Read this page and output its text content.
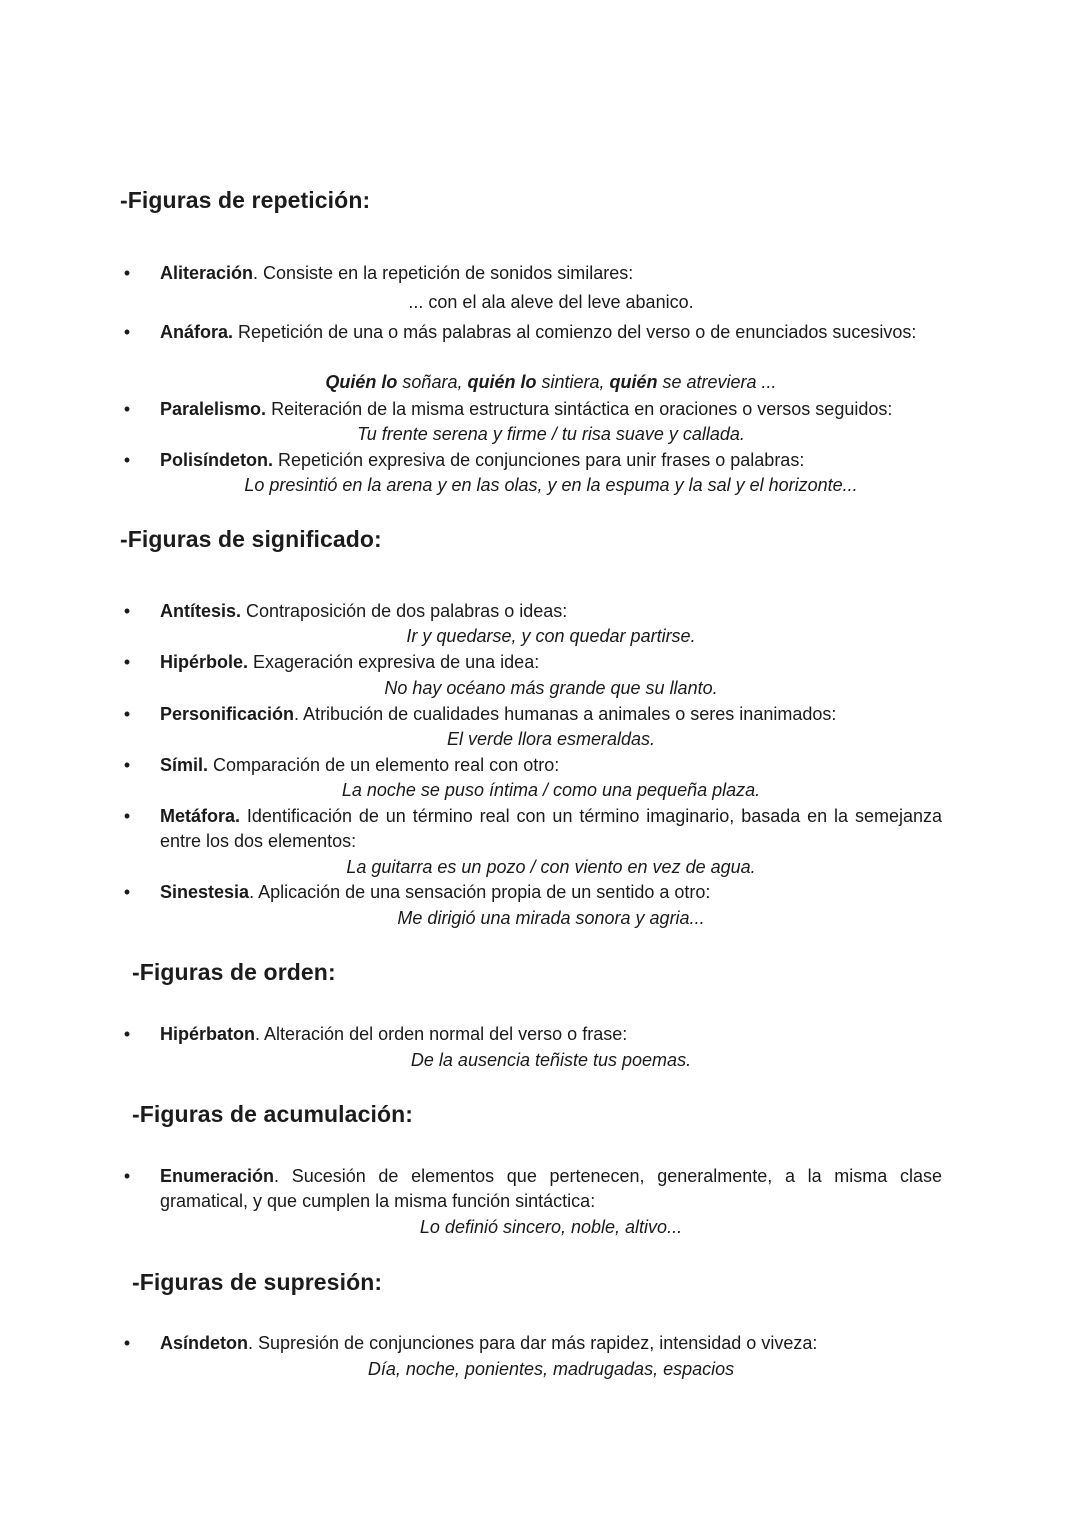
-Figuras de repetición:
• Aliteración. Consiste en la repetición de sonidos similares:
... con el ala aleve del leve abanico.
• Anáfora. Repetición de una o más palabras al comienzo del verso o de enunciados sucesivos:
Quién lo soñara, quién lo sintiera, quién se atreviera ...
• Paralelismo. Reiteración de la misma estructura sintáctica en oraciones o versos seguidos:
Tu frente serena y firme / tu risa suave y callada.
• Polisíndeton. Repetición expresiva de conjunciones para unir frases o palabras:
Lo presintió en la arena y en las olas, y en la espuma y la sal y el horizonte...
-Figuras de significado:
• Antítesis. Contraposición de dos palabras o ideas:
Ir y quedarse, y con quedar partirse.
• Hipérbole. Exageración expresiva de una idea:
No hay océano más grande que su llanto.
• Personificación. Atribución de cualidades humanas a animales o seres inanimados:
El verde llora esmeraldas.
• Símil. Comparación de un elemento real con otro:
La noche se puso íntima / como una pequeña plaza.
• Metáfora. Identificación de un término real con un término imaginario, basada en la semejanza entre los dos elementos:
La guitarra es un pozo / con viento en vez de agua.
• Sinestesia. Aplicación de una sensación propia de un sentido a otro:
Me dirigió una mirada sonora y agria...
-Figuras de orden:
• Hipérbaton. Alteración del orden normal del verso o frase:
De la ausencia teñiste tus poemas.
-Figuras de acumulación:
• Enumeración. Sucesión de elementos que pertenecen, generalmente, a la misma clase gramatical, y que cumplen la misma función sintáctica:
Lo definió sincero, noble, altivo...
-Figuras de supresión:
• Asíndeton. Supresión de conjunciones para dar más rapidez, intensidad o viveza:
Día, noche, ponientes, madrugadas, espacios
